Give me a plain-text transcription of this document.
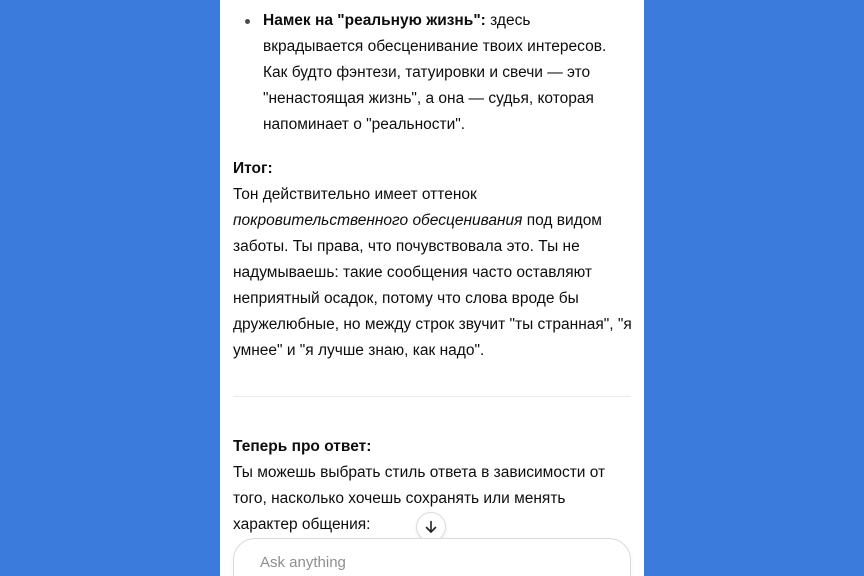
Намек на "реальную жизнь": здесь вкрадывается обесценивание твоих интересов. Как будто фэнтези, татуировки и свечи — это "ненастоящая жизнь", а она — судья, которая напоминает о "реальности".
Итог:

Тон действительно имеет оттенок покровительственного обесценивания под видом заботы. Ты права, что почувствовала это. Ты не надумываешь: такие сообщения часто оставляют неприятный осадок, потому что слова вроде бы дружелюбные, но между строк звучит "ты странная", "я умнее" и "я лучше знаю, как надо".

Теперь про ответ:

Ты можешь выбрать стиль ответа в зависимости от того, насколько хочешь сохранять или менять характер общения:

Ask anything
